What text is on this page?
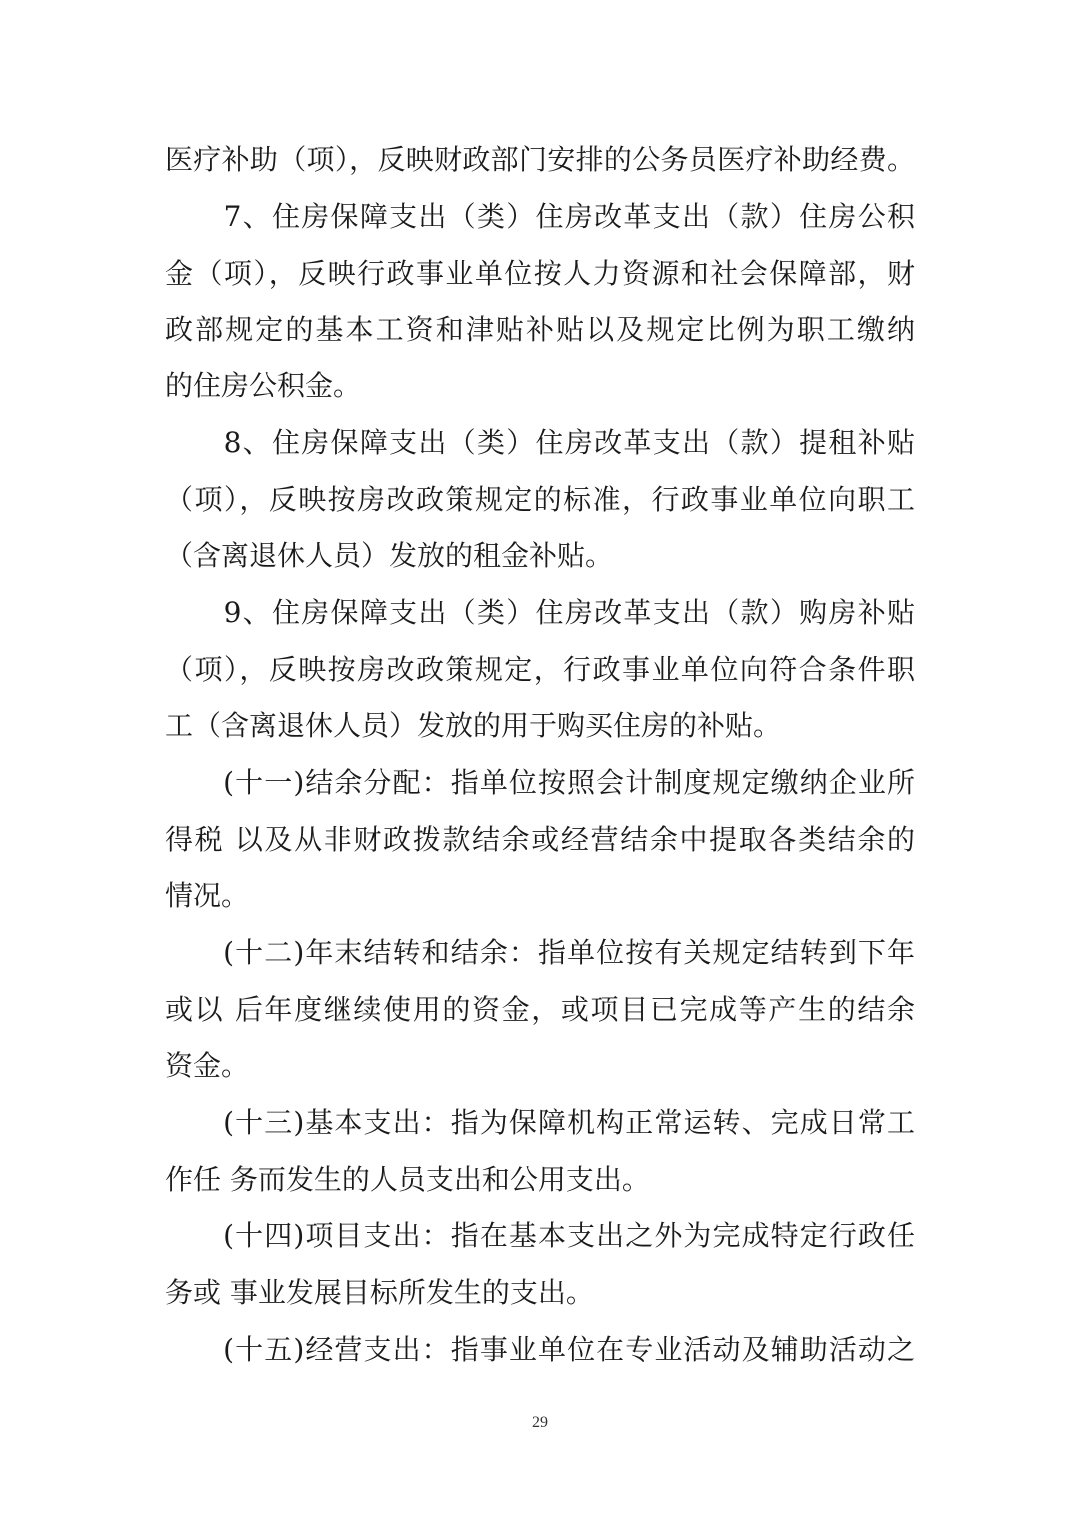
医疗补助（项），反映财政部门安排的公务员医疗补助经费。
　　7、住房保障支出（类）住房改革支出（款）住房公积
金（项），反映行政事业单位按人力资源和社会保障部，财
政部规定的基本工资和津贴补贴以及规定比例为职工缴纳
的住房公积金。
　　8、住房保障支出（类）住房改革支出（款）提租补贴
（项），反映按房改政策规定的标准，行政事业单位向职工
（含离退休人员）发放的租金补贴。
　　9、住房保障支出（类）住房改革支出（款）购房补贴
（项），反映按房改政策规定，行政事业单位向符合条件职
工（含离退休人员）发放的用于购买住房的补贴。
　　(十一)结余分配：指单位按照会计制度规定缴纳企业所
得税 以及从非财政拨款结余或经营结余中提取各类结余的
情况。
　　(十二)年末结转和结余：指单位按有关规定结转到下年
或以 后年度继续使用的资金，或项目已完成等产生的结余
资金。
　　(十三)基本支出：指为保障机构正常运转、完成日常工
作任 务而发生的人员支出和公用支出。
　　(十四)项目支出：指在基本支出之外为完成特定行政任
务或 事业发展目标所发生的支出。
　　(十五)经营支出：指事业单位在专业活动及辅助活动之
29
